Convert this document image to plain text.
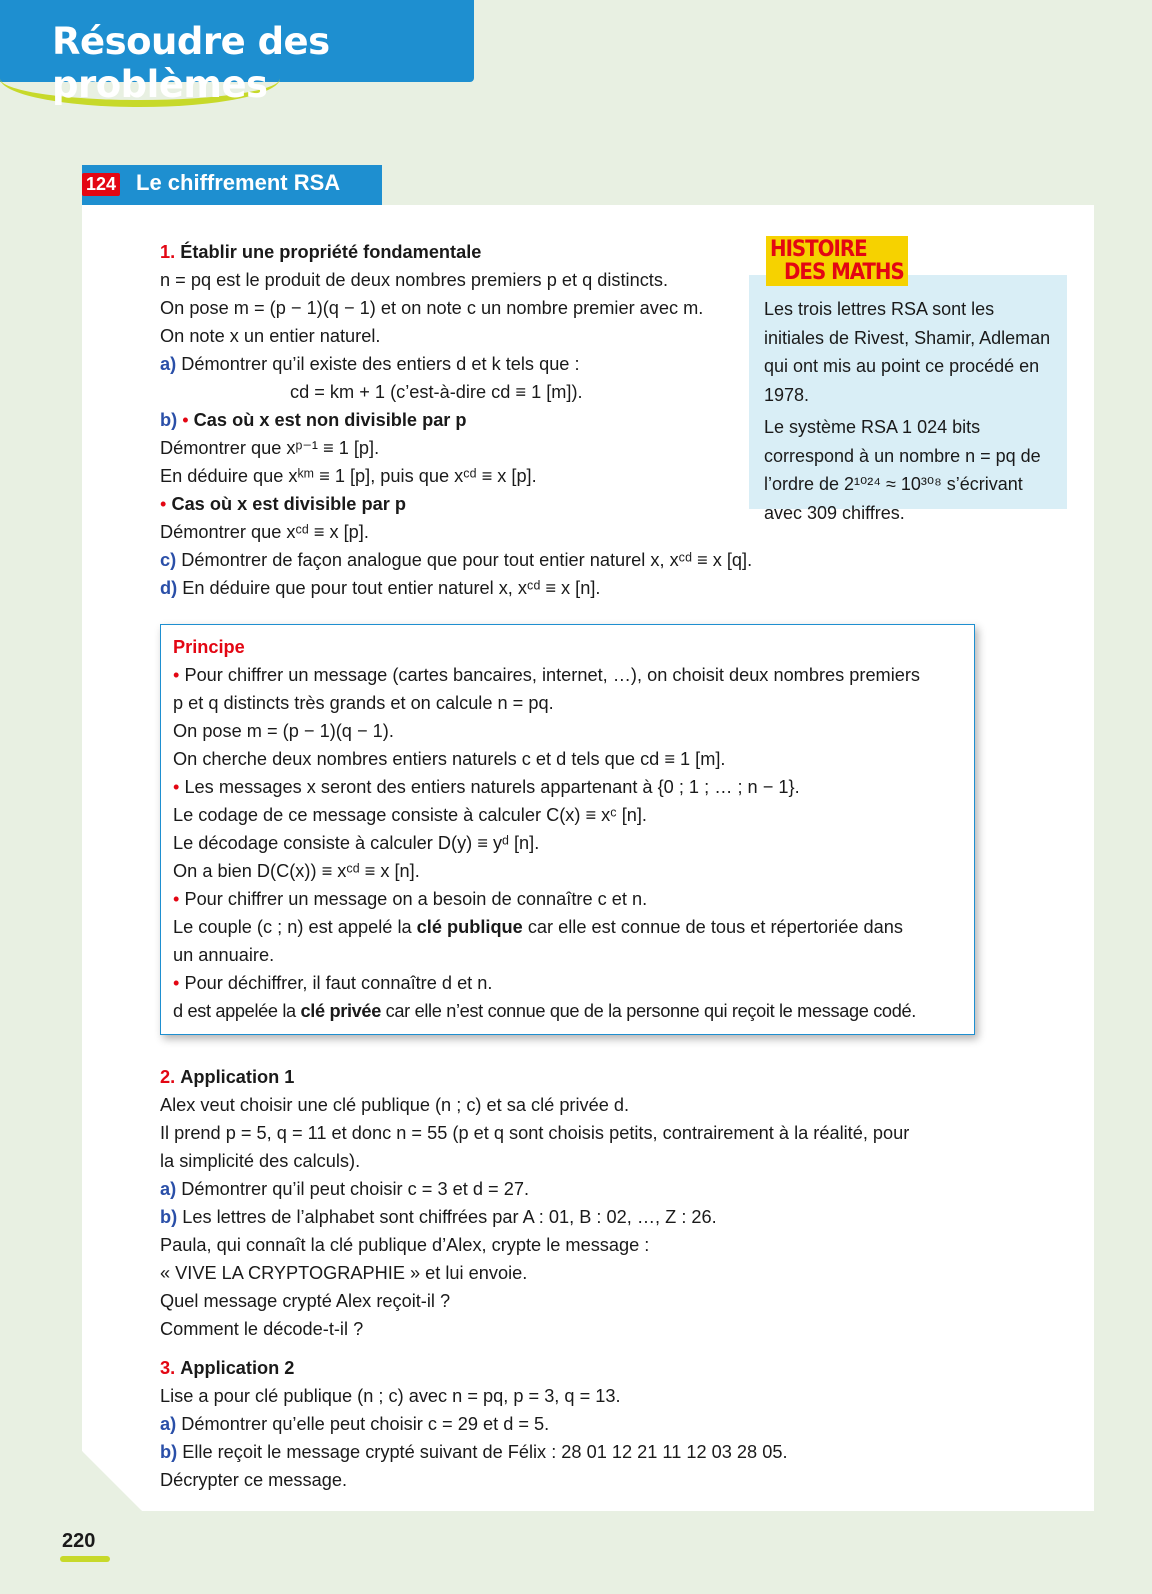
Résoudre des problèmes
124 Le chiffrement RSA
1. Établir une propriété fondamentale
n = pq est le produit de deux nombres premiers p et q distincts.
On pose m = (p − 1)(q − 1) et on note c un nombre premier avec m.
On note x un entier naturel.
a) Démontrer qu’il existe des entiers d et k tels que :
cd = km + 1 (c’est-à-dire cd ≡ 1 [m]).
b) • Cas où x est non divisible par p
Démontrer que xᵖ⁻¹ ≡ 1 [p].
En déduire que xᵏᵐ ≡ 1 [p], puis que xᶜᵈ ≡ x [p].
• Cas où x est divisible par p
Démontrer que xᶜᵈ ≡ x [p].
c) Démontrer de façon analogue que pour tout entier naturel x, xᶜᵈ ≡ x [q].
d) En déduire que pour tout entier naturel x, xᶜᵈ ≡ x [n].

Les trois lettres RSA sont les initiales de Rivest, Shamir, Adleman qui ont mis au point ce procédé en 1978.

Le système RSA 1 024 bits correspond à un nombre n = pq de l’ordre de 2¹⁰²⁴ ≈ 10³⁰⁸ s’écrivant avec 309 chiffres.

HISTOIRE
DES MATHS
Principe
• Pour chiffrer un message (cartes bancaires, internet, …), on choisit deux nombres premiers
p et q distincts très grands et on calcule n = pq.
On pose m = (p − 1)(q − 1).
On cherche deux nombres entiers naturels c et d tels que cd ≡ 1 [m].
• Les messages x seront des entiers naturels appartenant à {0 ; 1 ; … ; n − 1}.
Le codage de ce message consiste à calculer C(x) ≡ xᶜ [n].
Le décodage consiste à calculer D(y) ≡ yᵈ [n].
On a bien D(C(x)) ≡ xᶜᵈ ≡ x [n].
• Pour chiffrer un message on a besoin de connaître c et n.
Le couple (c ; n) est appelé la clé publique car elle est connue de tous et répertoriée dans
un annuaire.
• Pour déchiffrer, il faut connaître d et n.
d est appelée la clé privée car elle n’est connue que de la personne qui reçoit le message codé.
2. Application 1
Alex veut choisir une clé publique (n ; c) et sa clé privée d.
Il prend p = 5, q = 11 et donc n = 55 (p et q sont choisis petits, contrairement à la réalité, pour
la simplicité des calculs).
a) Démontrer qu’il peut choisir c = 3 et d = 27.
b) Les lettres de l’alphabet sont chiffrées par A : 01, B : 02, …, Z : 26.
Paula, qui connaît la clé publique d’Alex, crypte le message :
« VIVE LA CRYPTOGRAPHIE » et lui envoie.
Quel message crypté Alex reçoit-il ?
Comment le décode-t-il ?
3. Application 2
Lise a pour clé publique (n ; c) avec n = pq, p = 3, q = 13.
a) Démontrer qu’elle peut choisir c = 29 et d = 5.
b) Elle reçoit le message crypté suivant de Félix : 28 01 12 21 11 12 03 28 05.
Décrypter ce message.
220
